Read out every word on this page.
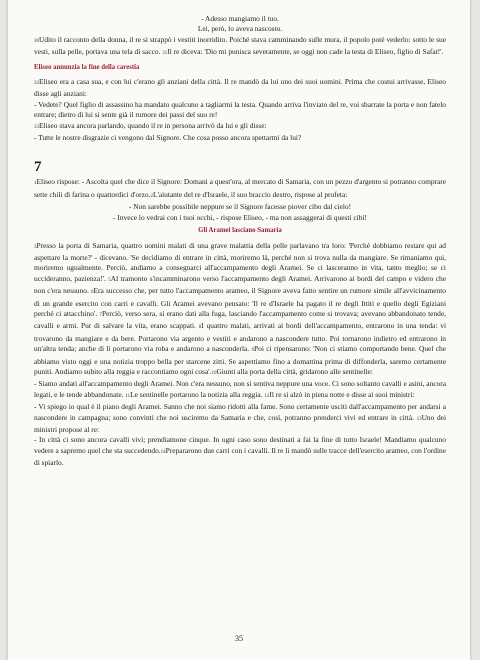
- Adesso mangiamo il tuo.
Lei, però, lo aveva nascosto.
30Udito il racconto della donna, il re si strappò i vestiti inorridito. Poiché stava camminando sulle mura, il popolo poté vederlo: sotto le sue vesti, sulla pelle, portava una tela di sacco. 31Il re diceva: 'Dio mi punisca severamente, se oggi non cade la testa di Eliseo, figlio di Safat!'.
Eliseo annunzia la fine della carestia
32Eliseo era a casa sua, e con lui c'erano gli anziani della città. Il re mandò da lui uno dei suoi uomini. Prima che costui arrivasse, Eliseo disse agli anziani:
- Vedete? Quel figlio di assassino ha mandato qualcuno a tagliarmi la testa. Quando arriva l'inviato del re, voi sbarrate la porta e non fatelo entrare; dietro di lui si sente già il rumore dei passi del suo re!
33Eliseo stava ancora parlando, quando il re in persona arrivò da lui e gli disse:
- Tutte le nostre disgrazie ci vengono dal Signore. Che cosa posso ancora spettarmi da lui?
7
1Eliseo rispose: - Ascolta quel che dice il Signore: Domani a quest'ora, al mercato di Samaria, con un pezzo d'argento si potranno comprare sette chili di farina o quattordici d'orzo.2L'aiutante del re d'Israele, il suo braccio destro, rispose al profeta:
- Non sarebbe possibile neppure se il Signore facesse piover cibo dal cielo!
- Invece lo vedrai con i tuoi occhi, - rispose Eliseo, - ma non assaggerai di questi cibi!
Gli Aramei lasciano Samaria
3Presso la porta di Samaria, quattro uomini malati di una grave malattia della pelle parlavano tra loro: 'Perché dobbiamo restare qui ad aspettare la morte?' - dicevano. 'Se decidiamo di entrare in città, moriremo là, perché non si trova nulla da mangiare. Se rimaniamo qui, moriremo ugualmente. Perciò, andiamo a consegnarci all'accampamento degli Aramei. Se ci lasceranno in vita, tanto meglio; se ci uccideranno, pazienza!'. 5Al tramonto s'incamminarono verso l'accampamento degli Aramei. Arrivarono ai bordi del campo e videro che non c'era nessuno. 6Era successo che, per tutto l'accampamento arameo, il Signore aveva fatto sentire un rumore simile all'avvicinamento di un grande esercito con carri e cavalli. Gli Aramei avevano pensato: 'Il re d'Israele ha pagato il re degli Ittiti e quello degli Egiziani perché ci attacchino'. 7Perciò, verso sera, si erano dati alla fuga, lasciando l'accampamento come si trovava; avevano abbandonato tende, cavalli e armi. Pur di salvare la vita, erano scappati. 8I quattro malati, arrivati ai bordi dell'accampamento, entrarono in una tenda: vi trovarono da mangiare e da bere. Portarono via argento e vestiti e andarono a nascondere tutto. Poi tornarono indietro ed entrarono in un'altra tenda; anche di lì portarono via roba e andarono a nasconderla. 9Poi ci ripensarono: 'Non ci stiamo comportando bene. Quel che abbiamo visto oggi e una notizia troppo bella per starcene zitti. Se aspettiamo fino a domattina prima di diffonderla, saremo certamente puniti. Andiamo subito alla reggia e raccontiamo ogni cosa'.10Giunti alla porta della città, gridarono alle sentinelle:
- Siamo andati all'accampamento degli Aramei. Non c'era nessuno, non si sentiva neppure una voce. Ci sono soltanto cavalli e asini, ancora legati, e le tende abbandonate. 11Le sentinelle portarono la notizia alla reggia. 12Il re si alzò in piena notte e disse ai suoi ministri:
- Vi spiego io qual è il piano degli Aramei. Sanno che noi siamo ridotti alla fame. Sono certamente usciti dall'accampamento per andarsi a nascondere in campagna; sono convinti che noi usciremo da Samaria e che, così, potranno prenderci vivi ed entrare in città. 13Uno dei ministri propose al re:
- In città ci sono ancora cavalli vivi; prendiamone cinque. In ogni caso sono destinati a fai la fine di tutto Israele! Mandiamo qualcuno vedere a sapremo quel che sta succedendo.14Prepararono due carri con i cavalli. Il re li mandò sulle tracce dell'esercito arameo, con l'ordine di spiarlo.
35
